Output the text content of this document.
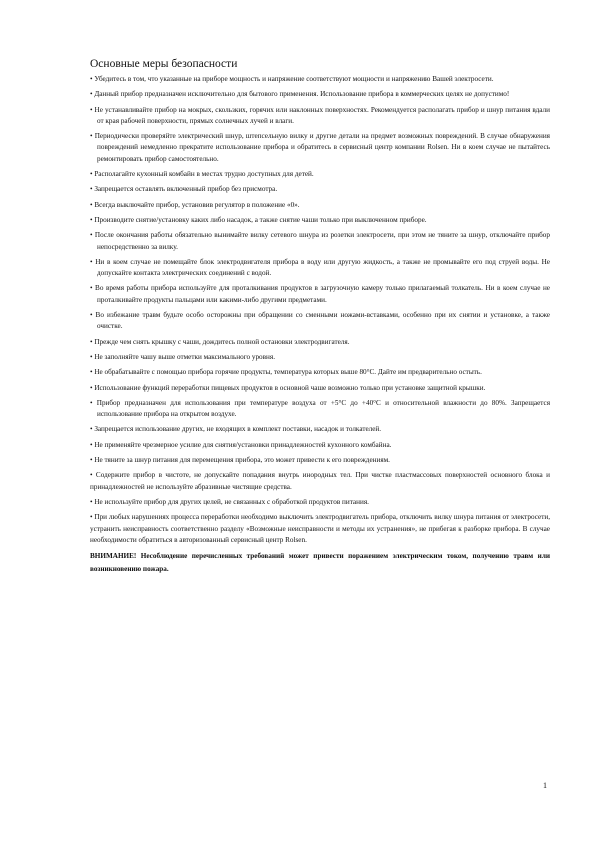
Основные меры безопасности

• Убедитесь в том, что указанные на приборе мощность и напряжение соответствуют мощности и напряжению Вашей электросети.

• Данный прибор предназначен исключительно для бытового применения. Использование прибора в коммерческих целях не допустимо!

• Не устанавливайте прибор на мокрых, скользких, горячих или наклонных поверхностях. Рекомендуется располагать прибор и шнур питания вдали от края рабочей поверхности, прямых солнечных лучей и влаги.

• Периодически проверяйте электрический шнур, штепсельную вилку и другие детали на предмет возможных повреждений. В случае обнаружения повреждений немедленно прекратите использование прибора и обратитесь в сервисный центр компании Rolsen. Ни в коем случае не пытайтесь ремонтировать прибор самостоятельно.

• Располагайте кухонный комбайн в местах трудно доступных для детей.

• Запрещается оставлять включенный прибор без присмотра.

• Всегда выключайте прибор, установив регулятор в положение «0».

• Производите снятие/установку каких либо насадок, а также снятие чаши только при выключенном приборе.

• После окончания работы обязательно вынимайте вилку сетевого шнура из розетки электросети, при этом не тяните за шнур, отключайте прибор непосредственно за вилку.

• Ни в коем случае не помещайте блок электродвигателя прибора в воду или другую жидкость, а также не промывайте его под струей воды. Не допускайте контакта электрических соединений с водой.

• Во время работы прибора используйте для проталкивания продуктов в загрузочную камеру только прилагаемый толкатель. Ни в коем случае не проталкивайте продукты пальцами или какими-либо другими предметами.

• Во избежание травм будьте особо осторожны при обращении со сменными ножами-вставками, особенно при их снятии и установке, а также очистке.

• Прежде чем снять крышку с чаши, дождитесь полной остановки электродвигателя.

• Не заполняйте чашу выше отметки максимального уровня.

• Не обрабатывайте с помощью прибора горячие продукты, температура которых выше 80°С. Дайте им предварительно остыть.

• Использование функций переработки пищевых продуктов в основной чаше возможно только при установке защитной крышки.

• Прибор предназначен для использования при температуре воздуха от +5°С до +40°С и относительной влажности до 80%. Запрещается использование прибора на открытом воздухе.

• Запрещается использование других, не входящих в комплект поставки, насадок и толкателей.

• Не применяйте чрезмерное усилие для снятия/установки принадлежностей кухонного комбайна.

• Не тяните за шнур питания для перемещения прибора, это может привести к его повреждениям.

• Содержите прибор в чистоте, не допускайте попадания внутрь инородных тел. При чистке пластмассовых поверхностей основного блока и принадлежностей не используйте абразивные чистящие средства.

• Не используйте прибор для других целей, не связанных с обработкой продуктов питания.

• При любых нарушениях процесса переработки необходимо выключить электродвигатель прибора, отключить вилку шнура питания от электросети, устранить неисправность соответственно разделу «Возможные неисправности и методы их устранения», не прибегая к разборке прибора. В случае необходимости обратиться в авторизованный сервисный центр Rolsen.

ВНИМАНИЕ! Несоблюдение перечисленных требований может привести поражением электрическим током, получению травм или возникновению пожара.

1
